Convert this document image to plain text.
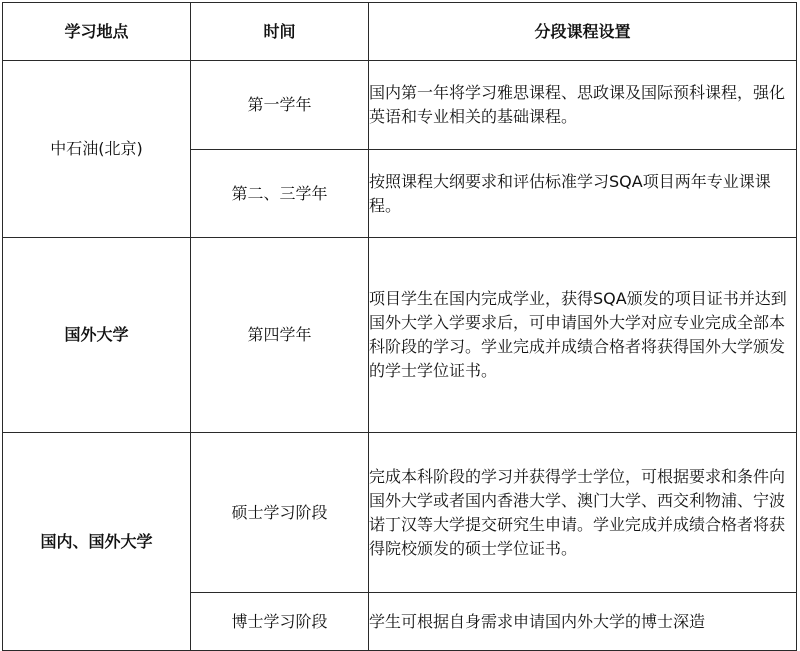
学习地点	时间	分段课程设置
中石油(北京)	第一学年	国内第一年将学习雅思课程、思政课及国际预科课程，强化英语和专业相关的基础课程。
	第二、三学年	按照课程大纲要求和评估标准学习SQA项目两年专业课课程。
国外大学	第四学年	项目学生在国内完成学业，获得SQA颁发的项目证书并达到国外大学入学要求后，可申请国外大学对应专业完成全部本科阶段的学习。学业完成并成绩合格者将获得国外大学颁发的学士学位证书。
国内、国外大学	硕士学习阶段	完成本科阶段的学习并获得学士学位，可根据要求和条件向国外大学或者国内香港大学、澳门大学、西交利物浦、宁波诺丁汉等大学提交研究生申请。学业完成并成绩合格者将获得院校颁发的硕士学位证书。
	博士学习阶段	学生可根据自身需求申请国内外大学的博士深造
